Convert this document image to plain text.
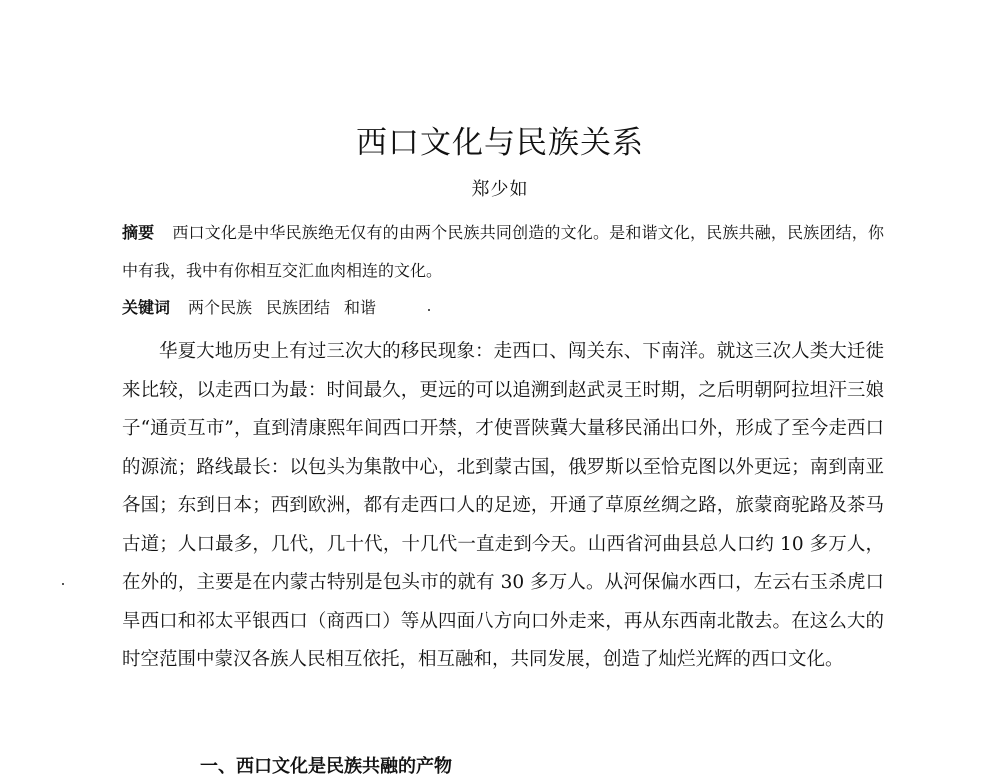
西口文化与民族关系
郑少如
摘要 西口文化是中华民族绝无仅有的由两个民族共同创造的文化。是和谐文化，民族共融，民族团结，你中有我，我中有你相互交汇血肉相连的文化。
关键词 两个民族 民族团结 和谐

华夏大地历史上有过三次大的移民现象：走西口、闯关东、下南洋。就这三次人类大迁徙来比较，以走西口为最：时间最久，更远的可以追溯到赵武灵王时期，之后明朝阿拉坦汗三娘子“通贡互市”，直到清康熙年间西口开禁，才使晋陕冀大量移民涌出口外，形成了至今走西口的源流；路线最长：以包头为集散中心，北到蒙古国，俄罗斯以至恰克图以外更远；南到南亚各国；东到日本；西到欧洲，都有走西口人的足迹，开通了草原丝绸之路，旅蒙商驼路及茶马古道；人口最多，几代，几十代，十几代一直走到今天。山西省河曲县总人口约 10 多万人，在外的，主要是在内蒙古特别是包头市的就有 30 多万人。从河保偏水西口，左云右玉杀虎口旱西口和祁太平银西口（商西口）等从四面八方向口外走来，再从东西南北散去。在这么大的时空范围中蒙汉各族人民相互依托，相互融和，共同发展，创造了灿烂光辉的西口文化。

一、西口文化是民族共融的产物
